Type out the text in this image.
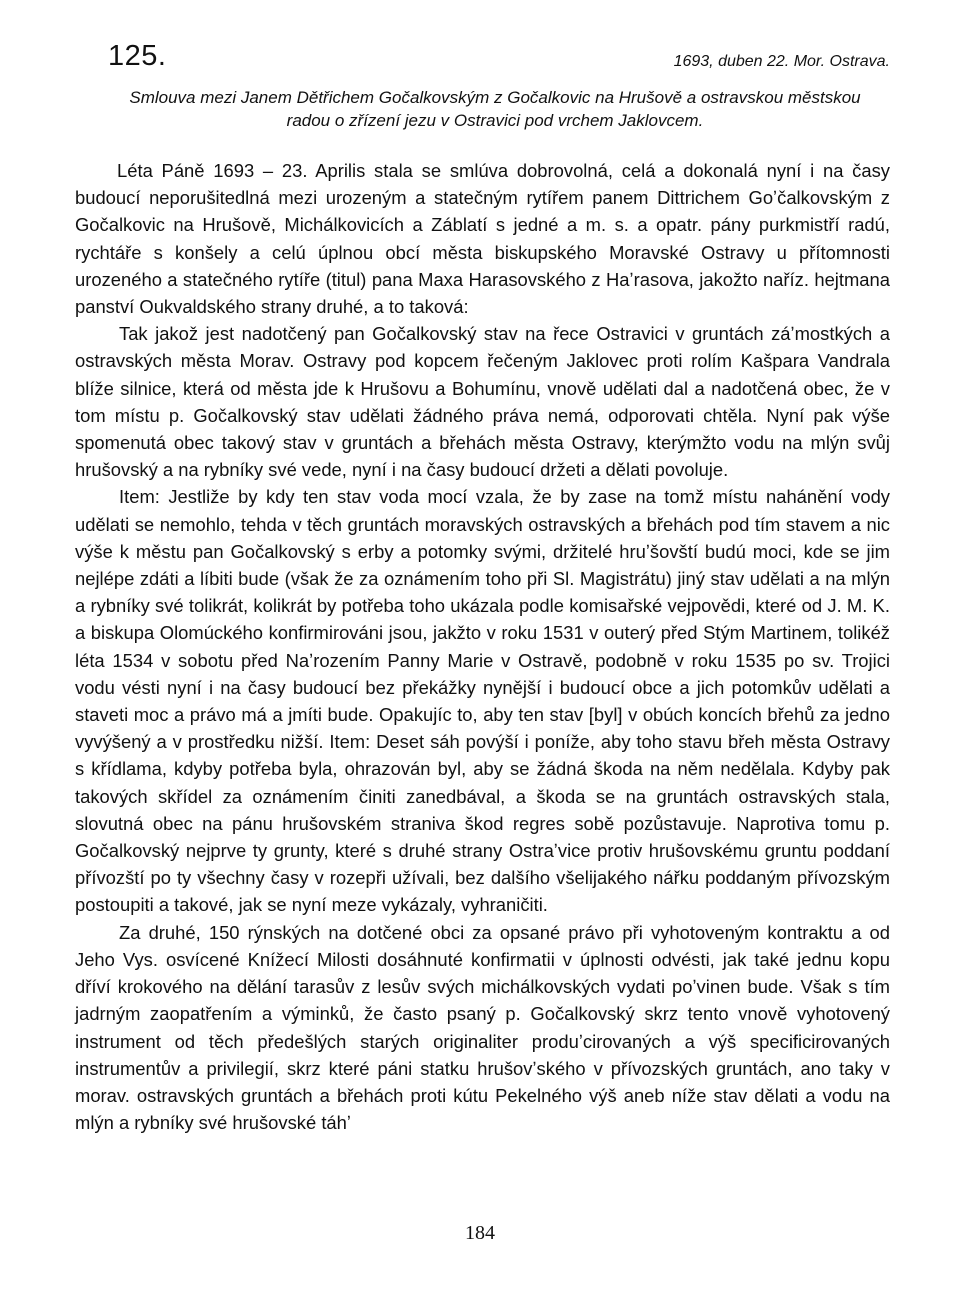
125.	1693, duben 22. Mor. Ostrava.
Smlouva mezi Janem Dětřichem Gočalkovským z Gočalkovic na Hrušově a ostravskou městskou radou o zřízení jezu v Ostravici pod vrchem Jaklovcem.

Léta Páně 1693 – 23. Aprilis stala se smlúva dobrovolná, celá a dokonalá nyní i na časy budoucí neporušitedlná mezi urozeným a statečným rytířem panem Dittrichem Goʼčalkovským z Gočalkovic na Hrušově, Michálkovicích a Záblatí s jedné a m. s. a opatr. pány purkmistří radú, rychtáře s konšely a celú úplnou obcí města biskupského Moravské Ostravy u přítomnosti urozeného a statečného rytíře (titul) pana Maxa Harasovského z Haʼrasova, jakožto naříz. hejtmana panství Oukvaldského strany druhé, a to taková:

Tak jakož jest nadotčený pan Gočalkovský stav na řece Ostravici v gruntách záʼmostkých a ostravských města Morav. Ostravy pod kopcem řečeným Jaklovec proti rolím Kašpara Vandrala blíže silnice, která od města jde k Hrušovu a Bohumínu, vnově udělati dal a nadotčená obec, že v tom místu p. Gočalkovský stav udělati žádného práva nemá, odporovati chtěla. Nyní pak výše spomenutá obec takový stav v gruntách a břehách města Ostravy, kterýmžto vodu na mlýn svůj hrušovský a na rybníky své vede, nyní i na časy budoucí držeti a dělati povoluje.

Item: Jestliže by kdy ten stav voda mocí vzala, že by zase na tomž místu nahánění vody udělati se nemohlo, tehda v těch gruntách moravských ostravských a břehách pod tím stavem a nic výše k městu pan Gočalkovský s erby a potomky svými, držitelé hruʼšovští budú moci, kde se jim nejlépe zdáti a líbiti bude (však že za oznámením toho při Sl. Magistrátu) jiný stav udělati a na mlýn a rybníky své tolikrát, kolikrát by potřeba toho ukázala podle komisařské vejpovědi, které od J. M. K. a biskupa Olomúckého konfirmirováni jsou, jakžto v roku 1531 v outerý před Stým Martinem, tolikéž léta 1534 v sobotu před Naʼrozením Panny Marie v Ostravě, podobně v roku 1535 po sv. Trojici vodu vésti nyní i na časy budoucí bez překážky nynější i budoucí obce a jich potomkův udělati a staveti moc a právo má a jmíti bude. Opakujíc to, aby ten stav [byl] v obúch koncích břehů za jedno vyvýšený a v prostředku nižší. Item: Deset sáh povýší i poníže, aby toho stavu břeh města Ostravy s křídlama, kdyby potřeba byla, ohrazován byl, aby se žádná škoda na něm nedělala. Kdyby pak takových skřídel za oznámením činiti zanedbával, a škoda se na gruntách ostravských stala, slovutná obec na pánu hrušovském straniva škod regres sobě pozůstavuje. Naprotiva tomu p. Gočalkovský nejprve ty grunty, které s druhé strany Ostraʼvice protiv hrušovskému gruntu poddaní přívozští po ty všechny časy v rozepři užívali, bez dalšího všelijakého nářku poddaným přívozským postoupiti a takové, jak se nyní meze vykázaly, vyhraničiti.

Za druhé, 150 rýnských na dotčené obci za opsané právo při vyhotoveným kontraktu a od Jeho Vys. osvícené Knížecí Milosti dosáhnuté konfirmatii v úplnosti odvésti, jak také jednu kopu dříví krokového na dělání tarasův z lesův svých michálkovských vydati poʼvinen bude. Však s tím jadrným zaopatřením a výminků, že často psaný p. Gočalkovský skrz tento vnově vyhotovený instrument od těch předešlých starých originaliter produʼcirovaných a výš specificirovaných instrumentův a privilegií, skrz které páni statku hrušovʼského v přívozských gruntách, ano taky v morav. ostravských gruntách a břehách proti kútu Pekelného výš aneb níže stav dělati a vodu na mlýn a rybníky své hrušovské táhʼ

184
